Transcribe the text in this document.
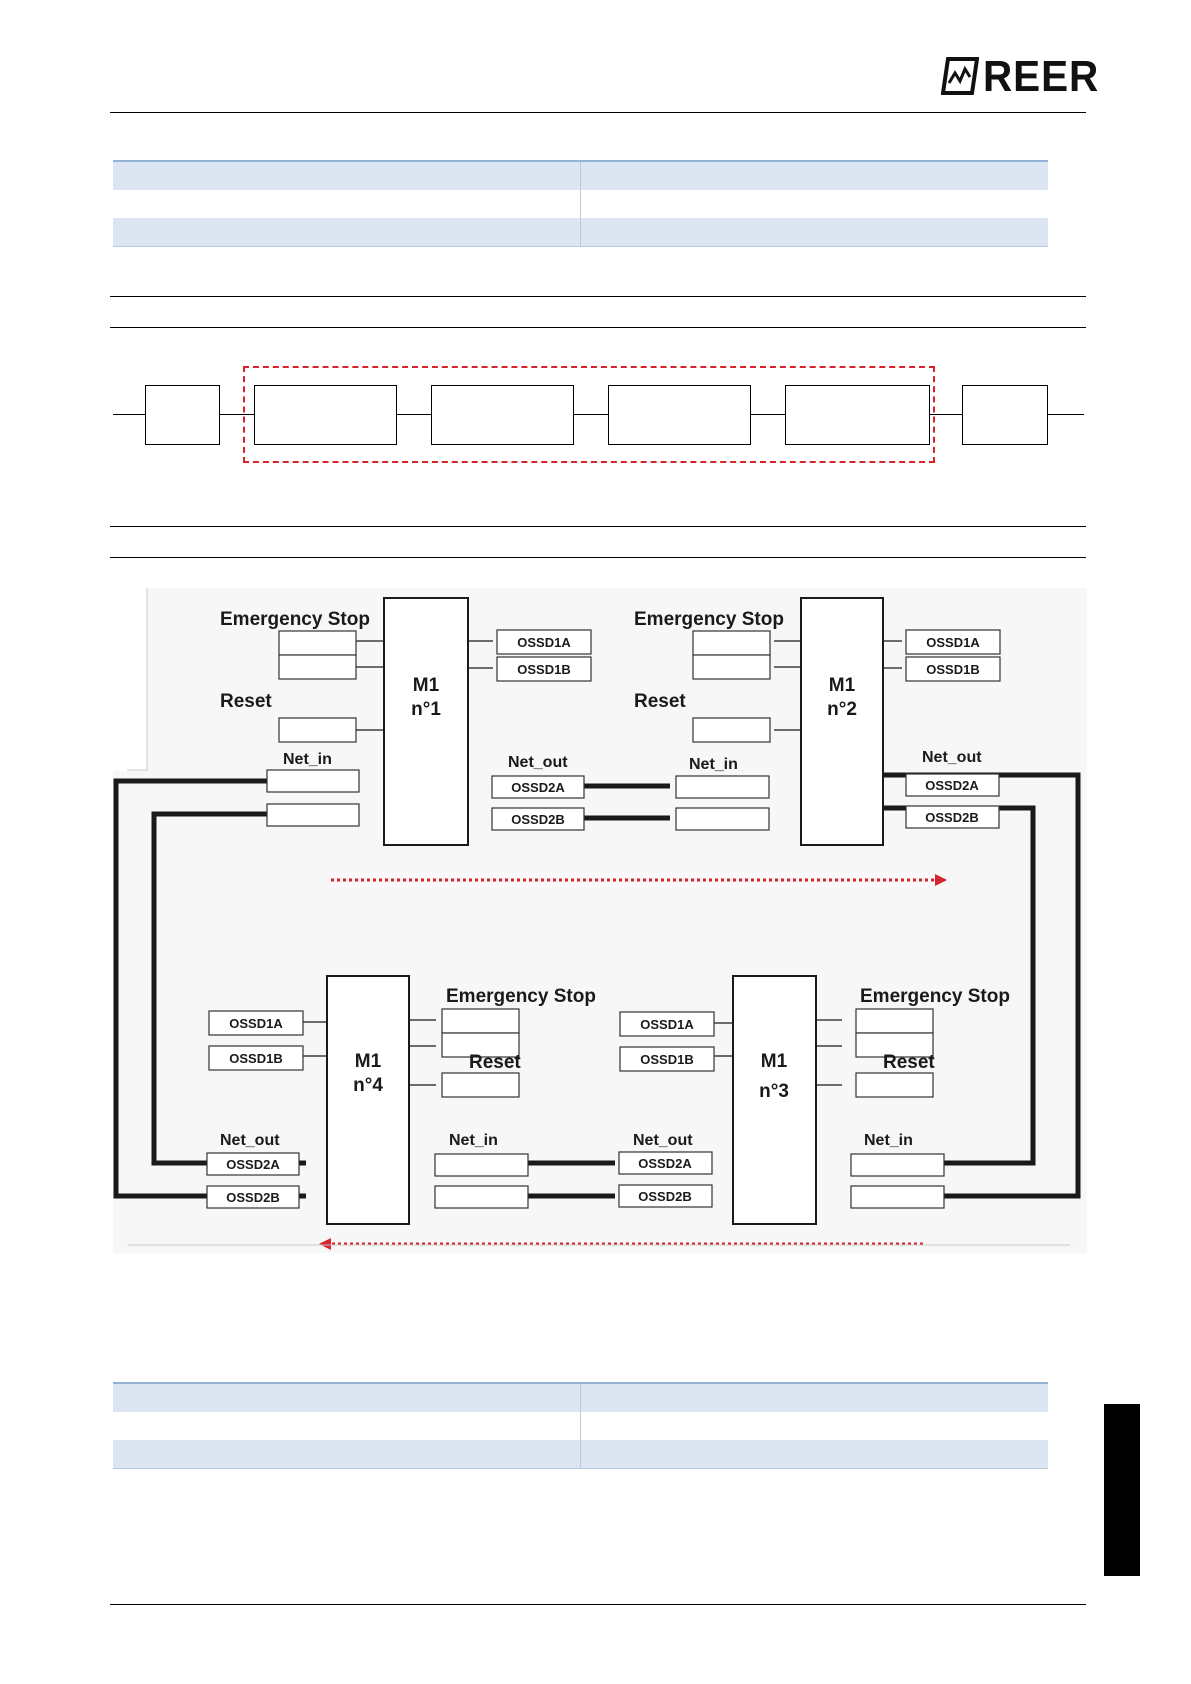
REER

Emergency Stop
Reset
Net_in	Net_out
M1
n°1
OSSD1A
OSSD1B
OSSD2A
OSSD2B
Emergency Stop
Reset
Net_in	Net_out
M1
n°2
OSSD1A
OSSD1B
OSSD2A
OSSD2B
Emergency Stop
Reset
Net_in
Net_out
M1
n°3
OSSD1A
OSSD1B
OSSD2A
OSSD2B
Emergency Stop
Reset
Net_in
Net_out
M1
n°4
OSSD1A
OSSD1B
OSSD2A
OSSD2B
